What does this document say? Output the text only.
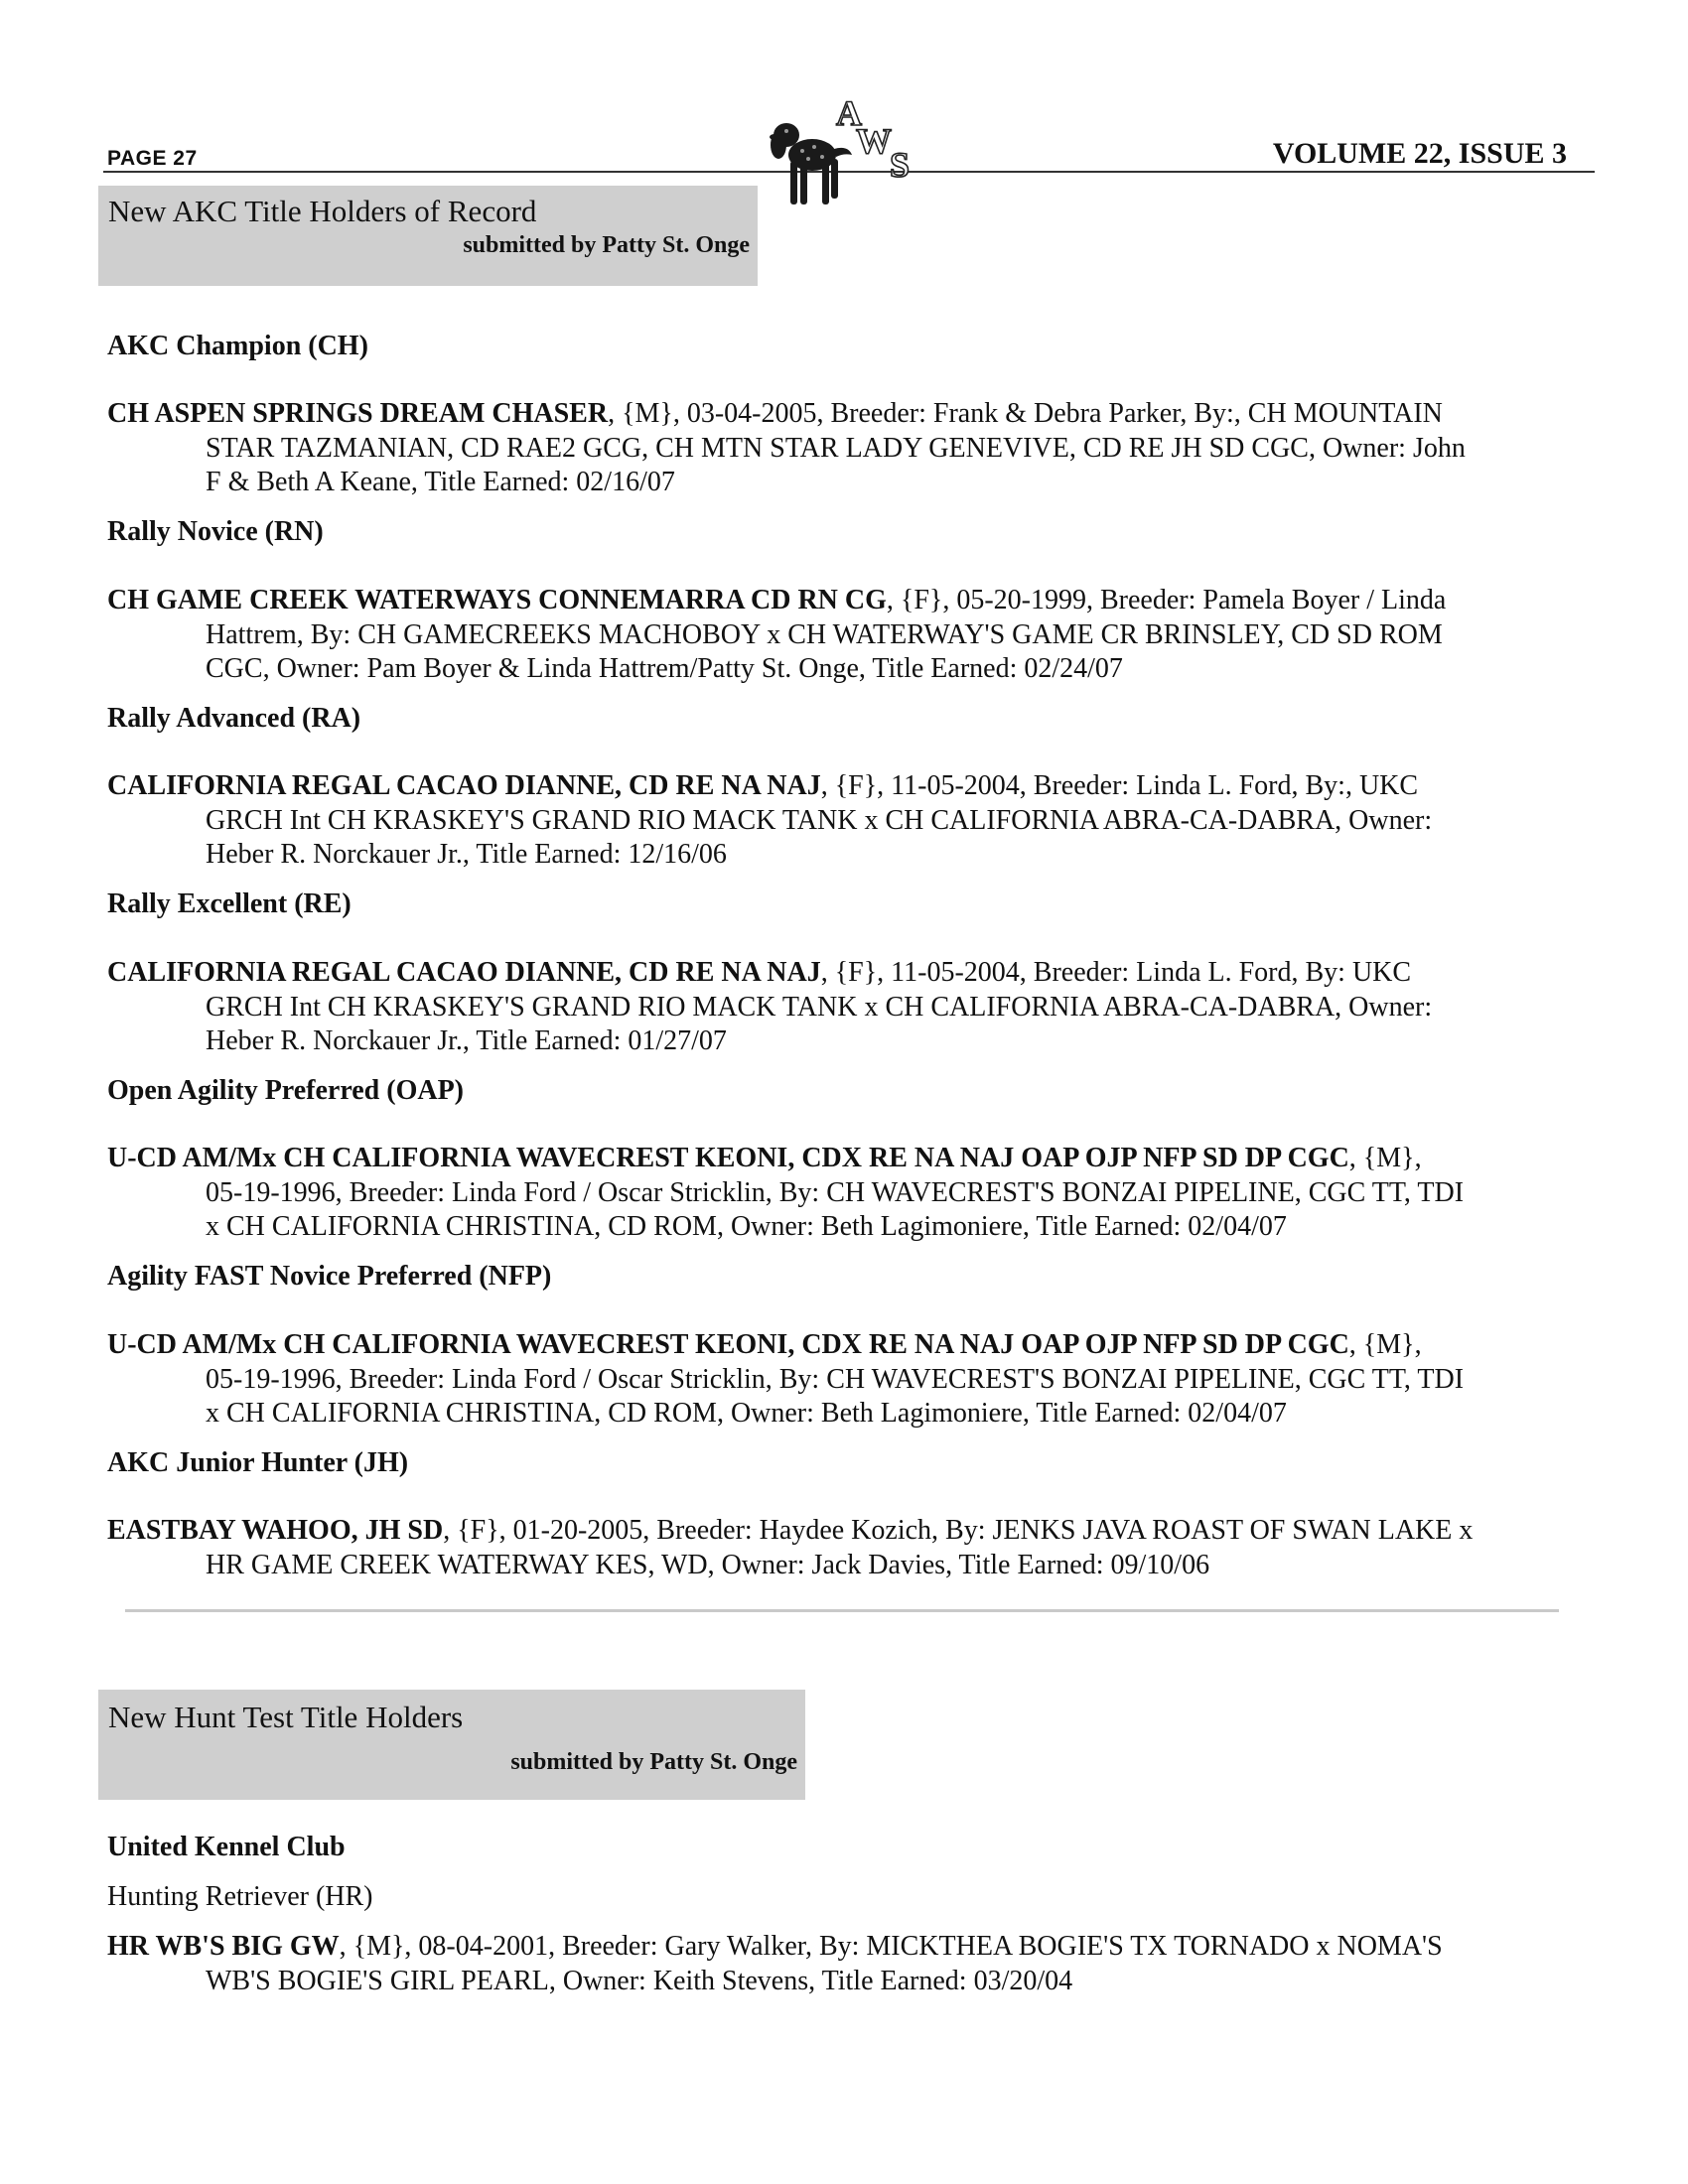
PAGE 27	VOLUME 22, ISSUE 3
A
W
S
New AKC Title Holders of Record
submitted by Patty St. Onge
AKC Champion (CH)
CH ASPEN SPRINGS DREAM CHASER, {M}, 03-04-2005, Breeder: Frank & Debra Parker, By:, CH MOUNTAIN
STAR TAZMANIAN, CD RAE2 GCG, CH MTN STAR LADY GENEVIVE, CD RE JH SD CGC, Owner: John
F & Beth A Keane, Title Earned: 02/16/07
Rally Novice (RN)
CH GAME CREEK WATERWAYS CONNEMARRA CD RN CG, {F}, 05-20-1999, Breeder: Pamela Boyer / Linda
Hattrem, By: CH GAMECREEKS MACHOBOY x CH WATERWAY'S GAME CR BRINSLEY, CD SD ROM
CGC, Owner: Pam Boyer & Linda Hattrem/Patty St. Onge, Title Earned: 02/24/07
Rally Advanced (RA)
CALIFORNIA REGAL CACAO DIANNE, CD RE NA NAJ, {F}, 11-05-2004, Breeder: Linda L. Ford, By:, UKC
GRCH Int CH KRASKEY'S GRAND RIO MACK TANK x CH CALIFORNIA ABRA-CA-DABRA, Owner:
Heber R. Norckauer Jr., Title Earned: 12/16/06
Rally Excellent (RE)
CALIFORNIA REGAL CACAO DIANNE, CD RE NA NAJ, {F}, 11-05-2004, Breeder: Linda L. Ford, By: UKC
GRCH Int CH KRASKEY'S GRAND RIO MACK TANK x CH CALIFORNIA ABRA-CA-DABRA, Owner:
Heber R. Norckauer Jr., Title Earned: 01/27/07
Open Agility Preferred (OAP)
U-CD AM/Mx CH CALIFORNIA WAVECREST KEONI, CDX RE NA NAJ OAP OJP NFP SD DP CGC, {M},
05-19-1996, Breeder: Linda Ford / Oscar Stricklin, By: CH WAVECREST'S BONZAI PIPELINE, CGC TT, TDI
x CH CALIFORNIA CHRISTINA, CD ROM, Owner: Beth Lagimoniere, Title Earned: 02/04/07
Agility FAST Novice Preferred (NFP)
U-CD AM/Mx CH CALIFORNIA WAVECREST KEONI, CDX RE NA NAJ OAP OJP NFP SD DP CGC, {M},
05-19-1996, Breeder: Linda Ford / Oscar Stricklin, By: CH WAVECREST'S BONZAI PIPELINE, CGC TT, TDI
x CH CALIFORNIA CHRISTINA, CD ROM, Owner: Beth Lagimoniere, Title Earned: 02/04/07
AKC Junior Hunter (JH)
EASTBAY WAHOO, JH SD, {F}, 01-20-2005, Breeder: Haydee Kozich, By: JENKS JAVA ROAST OF SWAN LAKE x
HR GAME CREEK WATERWAY KES, WD, Owner: Jack Davies, Title Earned: 09/10/06
New Hunt Test Title Holders
submitted by Patty St. Onge
United Kennel Club
Hunting Retriever (HR)
HR WB'S BIG GW, {M}, 08-04-2001, Breeder: Gary Walker, By: MICKTHEA BOGIE'S TX TORNADO x NOMA'S
WB'S BOGIE'S GIRL PEARL, Owner: Keith Stevens, Title Earned: 03/20/04
